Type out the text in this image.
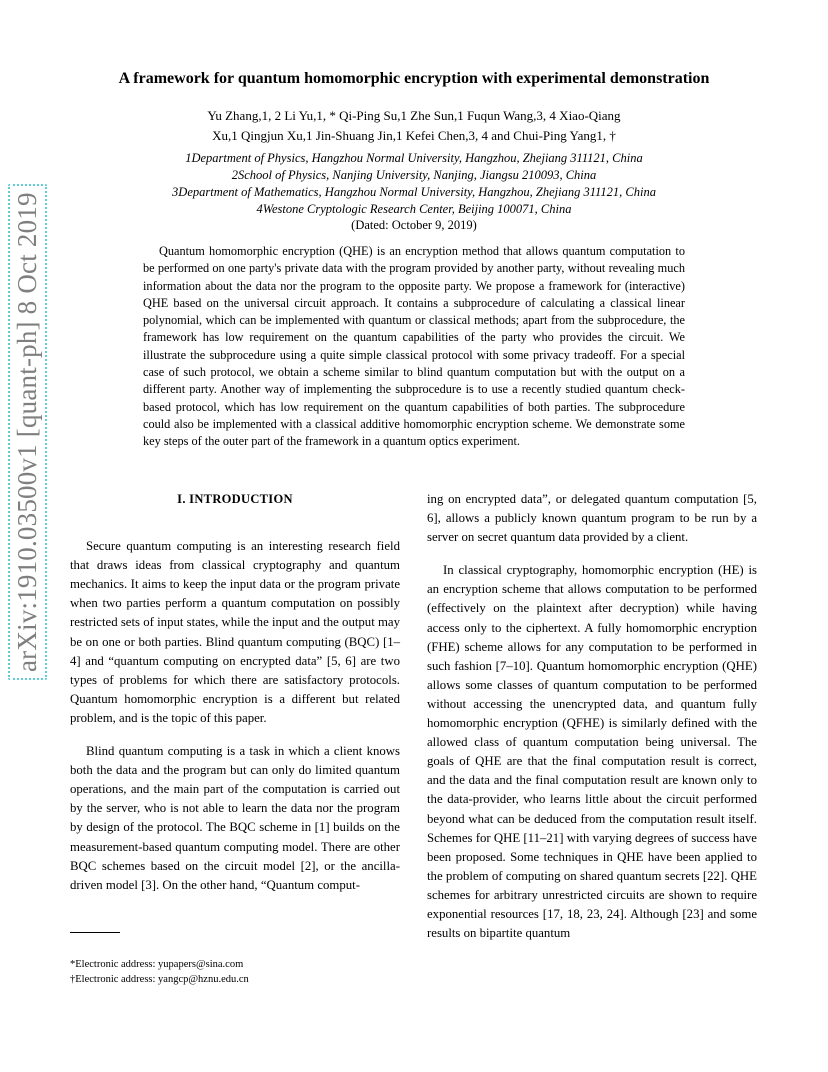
arXiv:1910.03500v1 [quant-ph] 8 Oct 2019
A framework for quantum homomorphic encryption with experimental demonstration
Yu Zhang,1, 2 Li Yu,1, * Qi-Ping Su,1 Zhe Sun,1 Fuqun Wang,3, 4 Xiao-Qiang
Xu,1 Qingjun Xu,1 Jin-Shuang Jin,1 Kefei Chen,3, 4 and Chui-Ping Yang1, †
1Department of Physics, Hangzhou Normal University, Hangzhou, Zhejiang 311121, China
2School of Physics, Nanjing University, Nanjing, Jiangsu 210093, China
3Department of Mathematics, Hangzhou Normal University, Hangzhou, Zhejiang 311121, China
4Westone Cryptologic Research Center, Beijing 100071, China
(Dated: October 9, 2019)
Quantum homomorphic encryption (QHE) is an encryption method that allows quantum computation to be performed on one party's private data with the program provided by another party, without revealing much information about the data nor the program to the opposite party. We propose a framework for (interactive) QHE based on the universal circuit approach. It contains a subprocedure of calculating a classical linear polynomial, which can be implemented with quantum or classical methods; apart from the subprocedure, the framework has low requirement on the quantum capabilities of the party who provides the circuit. We illustrate the subprocedure using a quite simple classical protocol with some privacy tradeoff. For a special case of such protocol, we obtain a scheme similar to blind quantum computation but with the output on a different party. Another way of implementing the subprocedure is to use a recently studied quantum check-based protocol, which has low requirement on the quantum capabilities of both parties. The subprocedure could also be implemented with a classical additive homomorphic encryption scheme. We demonstrate some key steps of the outer part of the framework in a quantum optics experiment.
I. INTRODUCTION

Secure quantum computing is an interesting research field that draws ideas from classical cryptography and quantum mechanics. It aims to keep the input data or the program private when two parties perform a quantum computation on possibly restricted sets of input states, while the input and the output may be on one or both parties. Blind quantum computing (BQC) [1–4] and “quantum computing on encrypted data” [5, 6] are two types of problems for which there are satisfactory protocols. Quantum homomorphic encryption is a different but related problem, and is the topic of this paper.

Blind quantum computing is a task in which a client knows both the data and the program but can only do limited quantum operations, and the main part of the computation is carried out by the server, who is not able to learn the data nor the program by design of the protocol. The BQC scheme in [1] builds on the measurement-based quantum computing model. There are other BQC schemes based on the circuit model [2], or the ancilla-driven model [3]. On the other hand, “Quantum comput-

ing on encrypted data”, or delegated quantum computation [5, 6], allows a publicly known quantum program to be run by a server on secret quantum data provided by a client.

In classical cryptography, homomorphic encryption (HE) is an encryption scheme that allows computation to be performed (effectively on the plaintext after decryption) while having access only to the ciphertext. A fully homomorphic encryption (FHE) scheme allows for any computation to be performed in such fashion [7–10]. Quantum homomorphic encryption (QHE) allows some classes of quantum computation to be performed without accessing the unencrypted data, and quantum fully homomorphic encryption (QFHE) is similarly defined with the allowed class of quantum computation being universal. The goals of QHE are that the final computation result is correct, and the data and the final computation result are known only to the data-provider, who learns little about the circuit performed beyond what can be deduced from the computation result itself. Schemes for QHE [11–21] with varying degrees of success have been proposed. Some techniques in QHE have been applied to the problem of computing on shared quantum secrets [22]. QHE schemes for arbitrary unrestricted circuits are shown to require exponential resources [17, 18, 23, 24]. Although [23] and some results on bipartite quantum

*Electronic address: yupapers@sina.com
†Electronic address: yangcp@hznu.edu.cn
